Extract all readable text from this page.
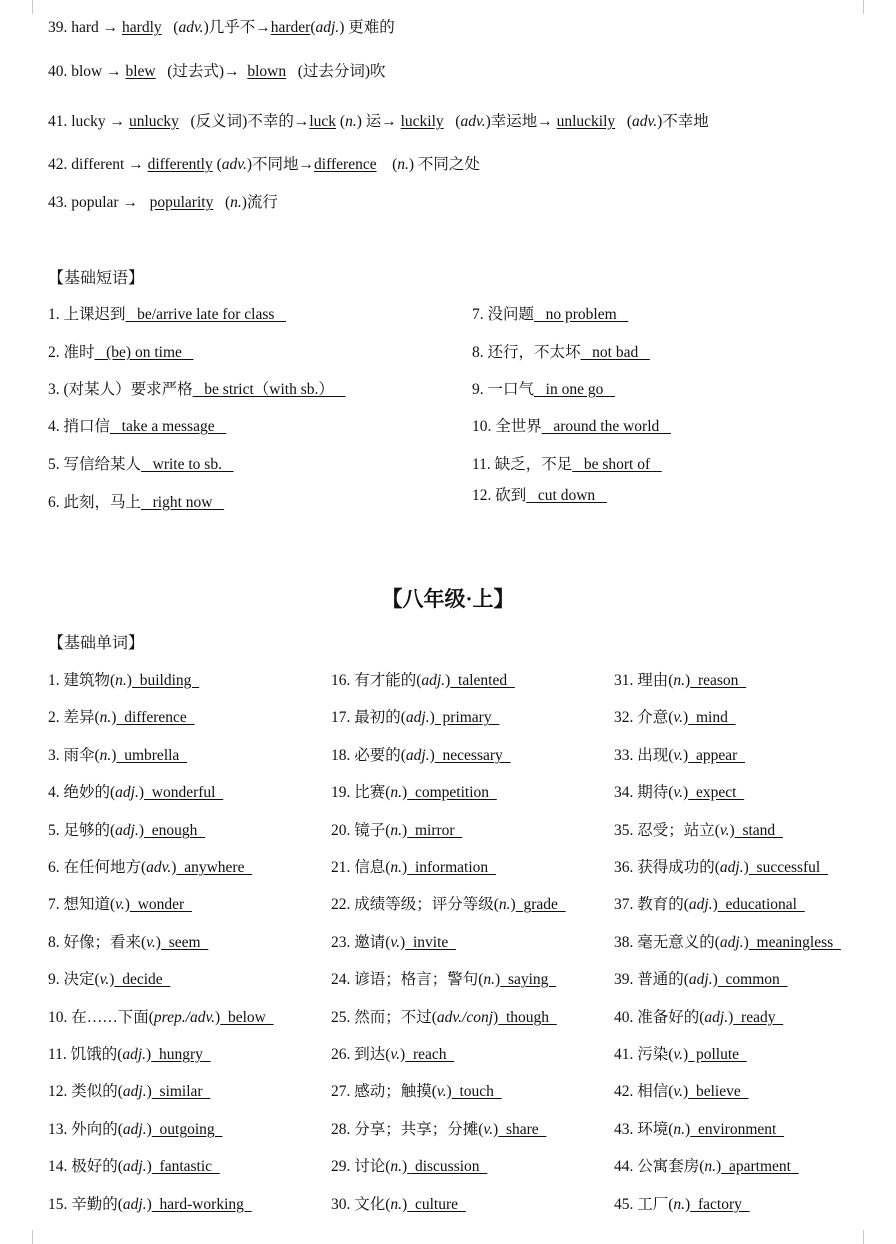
39. hard → hardly (adv.)几乎不→harder(adj.) 更难的
40. blow → blew (过去式)→ blown (过去分词)吹
41. lucky → unlucky (反义词)不幸的→luck (n.) 运→ luckily (adv.)幸运地→ unluckily (adv.)不幸地
42. different → differently (adv.)不同地→difference (n.) 不同之处
43. popular → popularity (n.)流行
【基础短语】
1. 上课迟到   be/arrive late for class
2. 准时   (be) on time
3. (对某人）要求严格   be strict（with sb.）
4. 捎口信   take a message
5. 写信给某人   write to sb.
6. 此刻，马上   right now
7. 没问题   no problem
8. 还行，不太坏   not bad
9. 一口气   in one go
10. 全世界   around the world
11. 缺乏，不足   be short of
12. 砍到   cut down
【八年级·上】
【基础单词】
1. 建筑物(n.)  building
2. 差异(n.)  difference
3. 雨伞(n.)  umbrella
4. 绝妙的(adj.)  wonderful
5. 足够的(adj.)  enough
6. 在任何地方(adv.)  anywhere
7. 想知道(v.)  wonder
8. 好像；看来(v.)  seem
9. 决定(v.)  decide
10. 在……下面(prep./adv.)  below
11. 饥饿的(adj.)  hungry
12. 类似的(adj.)  similar
13. 外向的(adj.)  outgoing
14. 极好的(adj.)  fantastic
15. 辛勤的(adj.)  hard-working
16. 有才能的(adj.)  talented
17. 最初的(adj.)  primary
18. 必要的(adj.)  necessary
19. 比赛(n.)  competition
20. 镜子(n.)  mirror
21. 信息(n.)  information
22. 成绩等级；评分等级(n.)  grade
23. 邀请(v.)  invite
24. 谚语；格言；警句(n.)  saying
25. 然而；不过(adv./conj)  though
26. 到达(v.)  reach
27. 感动；触摸(v.)  touch
28. 分享；共享；分摊(v.)  share
29. 讨论(n.)  discussion
30. 文化(n.)  culture
31. 理由(n.)  reason
32. 介意(v.)  mind
33. 出现(v.)  appear
34. 期待(v.)  expect
35. 忍受；站立(v.)  stand
36. 获得成功的(adj.)  successful
37. 教育的(adj.)  educational
38. 毫无意义的(adj.)  meaningless
39. 普通的(adj.)  common
40. 准备好的(adj.)  ready
41. 污染(v.)  pollute
42. 相信(v.)  believe
43. 环境(n.)  environment
44. 公寓套房(n.)  apartment
45. 工厂(n.)  factory
